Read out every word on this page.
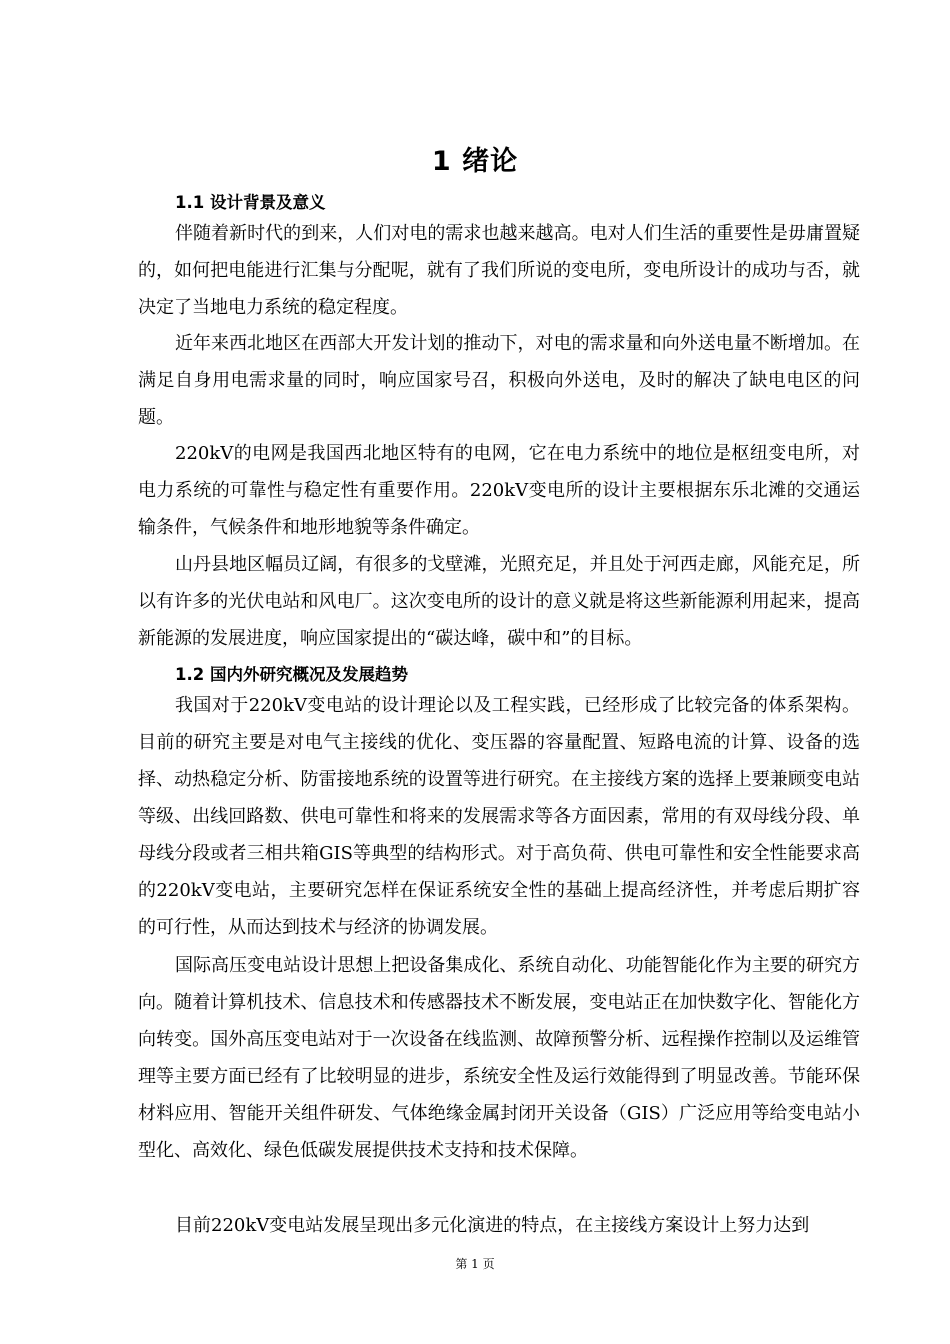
1 绪论
1.1 设计背景及意义

伴随着新时代的到来，人们对电的需求也越来越高。电对人们生活的重要性是毋庸置疑的，如何把电能进行汇集与分配呢，就有了我们所说的变电所，变电所设计的成功与否，就决定了当地电力系统的稳定程度。

近年来西北地区在西部大开发计划的推动下，对电的需求量和向外送电量不断增加。在满足自身用电需求量的同时，响应国家号召，积极向外送电，及时的解决了缺电电区的问题。

220kV的电网是我国西北地区特有的电网，它在电力系统中的地位是枢纽变电所，对电力系统的可靠性与稳定性有重要作用。220kV变电所的设计主要根据东乐北滩的交通运输条件，气候条件和地形地貌等条件确定。

山丹县地区幅员辽阔，有很多的戈壁滩，光照充足，并且处于河西走廊，风能充足，所以有许多的光伏电站和风电厂。这次变电所的设计的意义就是将这些新能源利用起来，提高新能源的发展进度，响应国家提出的“碳达峰，碳中和”的目标。

1.2 国内外研究概况及发展趋势

我国对于220kV变电站的设计理论以及工程实践，已经形成了比较完备的体系架构。目前的研究主要是对电气主接线的优化、变压器的容量配置、短路电流的计算、设备的选择、动热稳定分析、防雷接地系统的设置等进行研究。在主接线方案的选择上要兼顾变电站等级、出线回路数、供电可靠性和将来的发展需求等各方面因素，常用的有双母线分段、单母线分段或者三相共箱GIS等典型的结构形式。对于高负荷、供电可靠性和安全性能要求高的220kV变电站，主要研究怎样在保证系统安全性的基础上提高经济性，并考虑后期扩容的可行性，从而达到技术与经济的协调发展。

国际高压变电站设计思想上把设备集成化、系统自动化、功能智能化作为主要的研究方向。随着计算机技术、信息技术和传感器技术不断发展，变电站正在加快数字化、智能化方向转变。国外高压变电站对于一次设备在线监测、故障预警分析、远程操作控制以及运维管理等主要方面已经有了比较明显的进步，系统安全性及运行效能得到了明显改善。节能环保材料应用、智能开关组件研发、气体绝缘金属封闭开关设备（GIS）广泛应用等给变电站小型化、高效化、绿色低碳发展提供技术支持和技术保障。

目前220kV变电站发展呈现出多元化演进的特点，在主接线方案设计上努力达到

第 1 页
